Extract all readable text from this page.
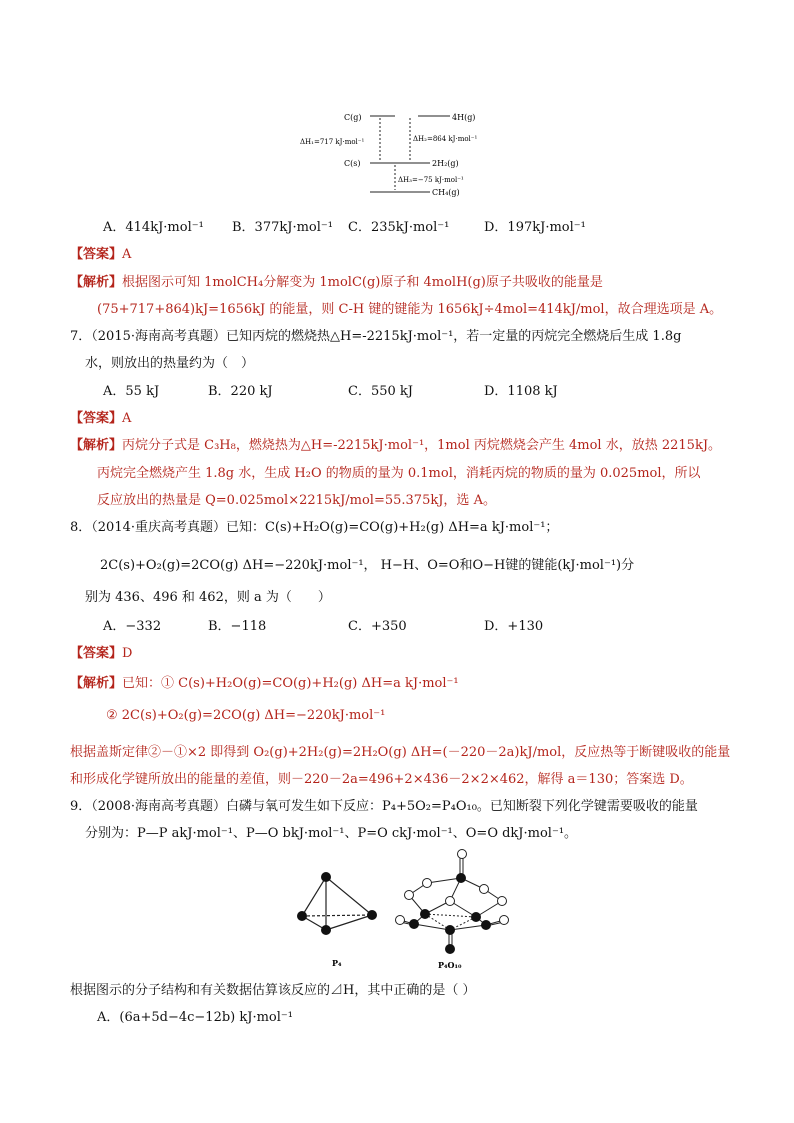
C(g)	4H(g)
ΔH₁=717 kJ·mol⁻¹	ΔH₂=864 kJ·mol⁻¹
C(s)	2H₂(g)
ΔH₃=−75 kJ·mol⁻¹
CH₄(g)
A．414kJ·mol⁻¹ B．377kJ·mol⁻¹ C．235kJ·mol⁻¹	D．197kJ·mol⁻¹
【答案】A
【解析】根据图示可知 1molCH₄分解变为 1molC(g)原子和 4molH(g)原子共吸收的能量是
(75+717+864)kJ=1656kJ 的能量，则 C-H 键的键能为 1656kJ÷4mol=414kJ/mol，故合理选项是 A。
7．（2015·海南高考真题）已知丙烷的燃烧热△H=-2215kJ·mol⁻¹，若一定量的丙烷完全燃烧后生成 1.8g
水，则放出的热量约为（　）
A．55 kJ	B．220 kJ	C．550 kJ	D．1108 kJ
【答案】A
【解析】丙烷分子式是 C₃H₈，燃烧热为△H=-2215kJ·mol⁻¹，1mol 丙烷燃烧会产生 4mol 水，放热 2215kJ。
丙烷完全燃烧产生 1.8g 水，生成 H₂O 的物质的量为 0.1mol，消耗丙烷的物质的量为 0.025mol，所以
反应放出的热量是 Q=0.025mol×2215kJ/mol=55.375kJ，选 A。
8．（2014·重庆高考真题）已知：C(s)+H₂O(g)=CO(g)+H₂(g) ΔH=a kJ·mol⁻¹；
2C(s)+O₂(g)=2CO(g) ΔH=−220kJ·mol⁻¹， H−H、O=O和O−H键的键能(kJ·mol⁻¹)分
别为 436、496 和 462，则 a 为（　　）
A．−332	B．−118	C．+350	D．+130
【答案】D
【解析】已知：① C(s)+H₂O(g)=CO(g)+H₂(g) ΔH=a kJ·mol⁻¹
② 2C(s)+O₂(g)=2CO(g) ΔH=−220kJ·mol⁻¹
根据盖斯定律②－①×2 即得到 O₂(g)+2H₂(g)=2H₂O(g) ΔH=(－220－2a)kJ/mol，反应热等于断键吸收的能量
和形成化学键所放出的能量的差值，则－220－2a=496+2×436－2×2×462，解得 a＝130；答案选 D。
9．（2008·海南高考真题）白磷与氧可发生如下反应：P₄+5O₂=P₄O₁₀。已知断裂下列化学键需要吸收的能量
分别为：P—P akJ·mol⁻¹、P—O bkJ·mol⁻¹、P=O ckJ·mol⁻¹、O=O dkJ·mol⁻¹。
P₄	P₄O₁₀
根据图示的分子结构和有关数据估算该反应的⊿H，其中正确的是（ ）
A．(6a+5d−4c−12b) kJ·mol⁻¹
